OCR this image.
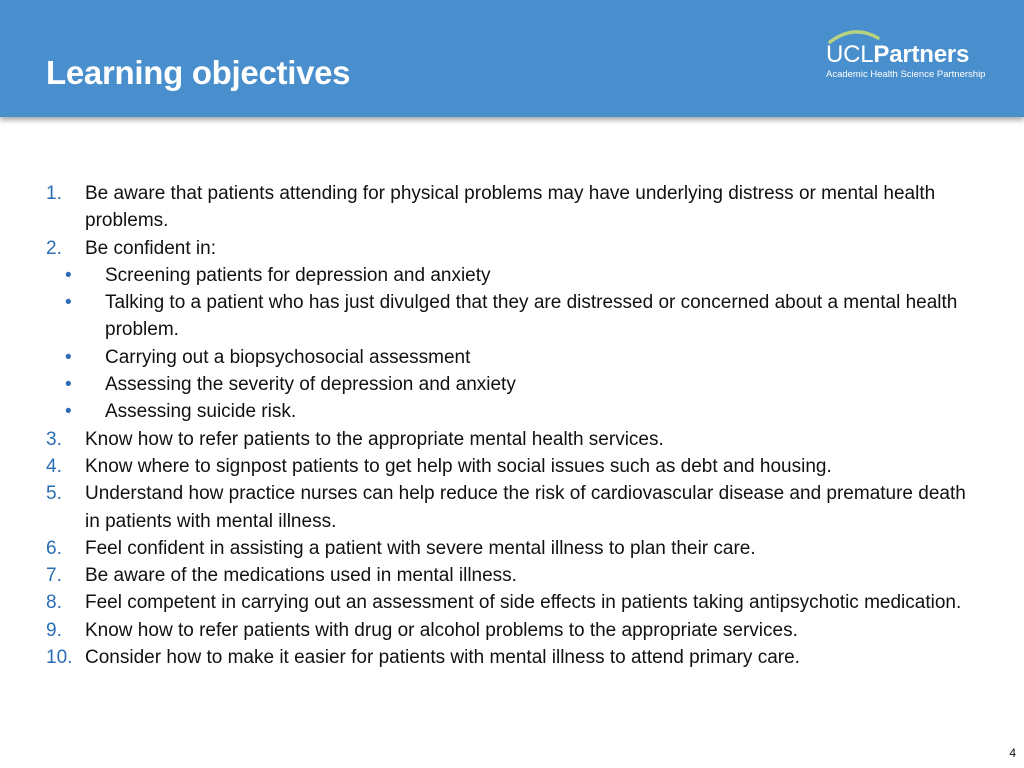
Learning objectives	UCLPartners
Academic Health Science Partnership
1. Be aware that patients attending for physical problems may have underlying distress or mental health problems.
2. Be confident in:
• Screening patients for depression and anxiety
• Talking to a patient who has just divulged that they are distressed or concerned about a mental health problem.
• Carrying out a biopsychosocial assessment
• Assessing the severity of depression and anxiety
• Assessing suicide risk.
3. Know how to refer patients to the appropriate mental health services.
4. Know where to signpost patients to get help with social issues such as debt and housing.
5. Understand how practice nurses can help reduce the risk of cardiovascular disease and premature death in patients with mental illness.
6. Feel confident in assisting a patient with severe mental illness to plan their care.
7. Be aware of the medications used in mental illness.
8. Feel competent in carrying out an assessment of side effects in patients taking antipsychotic medication.
9. Know how to refer patients with drug or alcohol problems to the appropriate services.
10. Consider how to make it easier for patients with mental illness to attend primary care.
4
